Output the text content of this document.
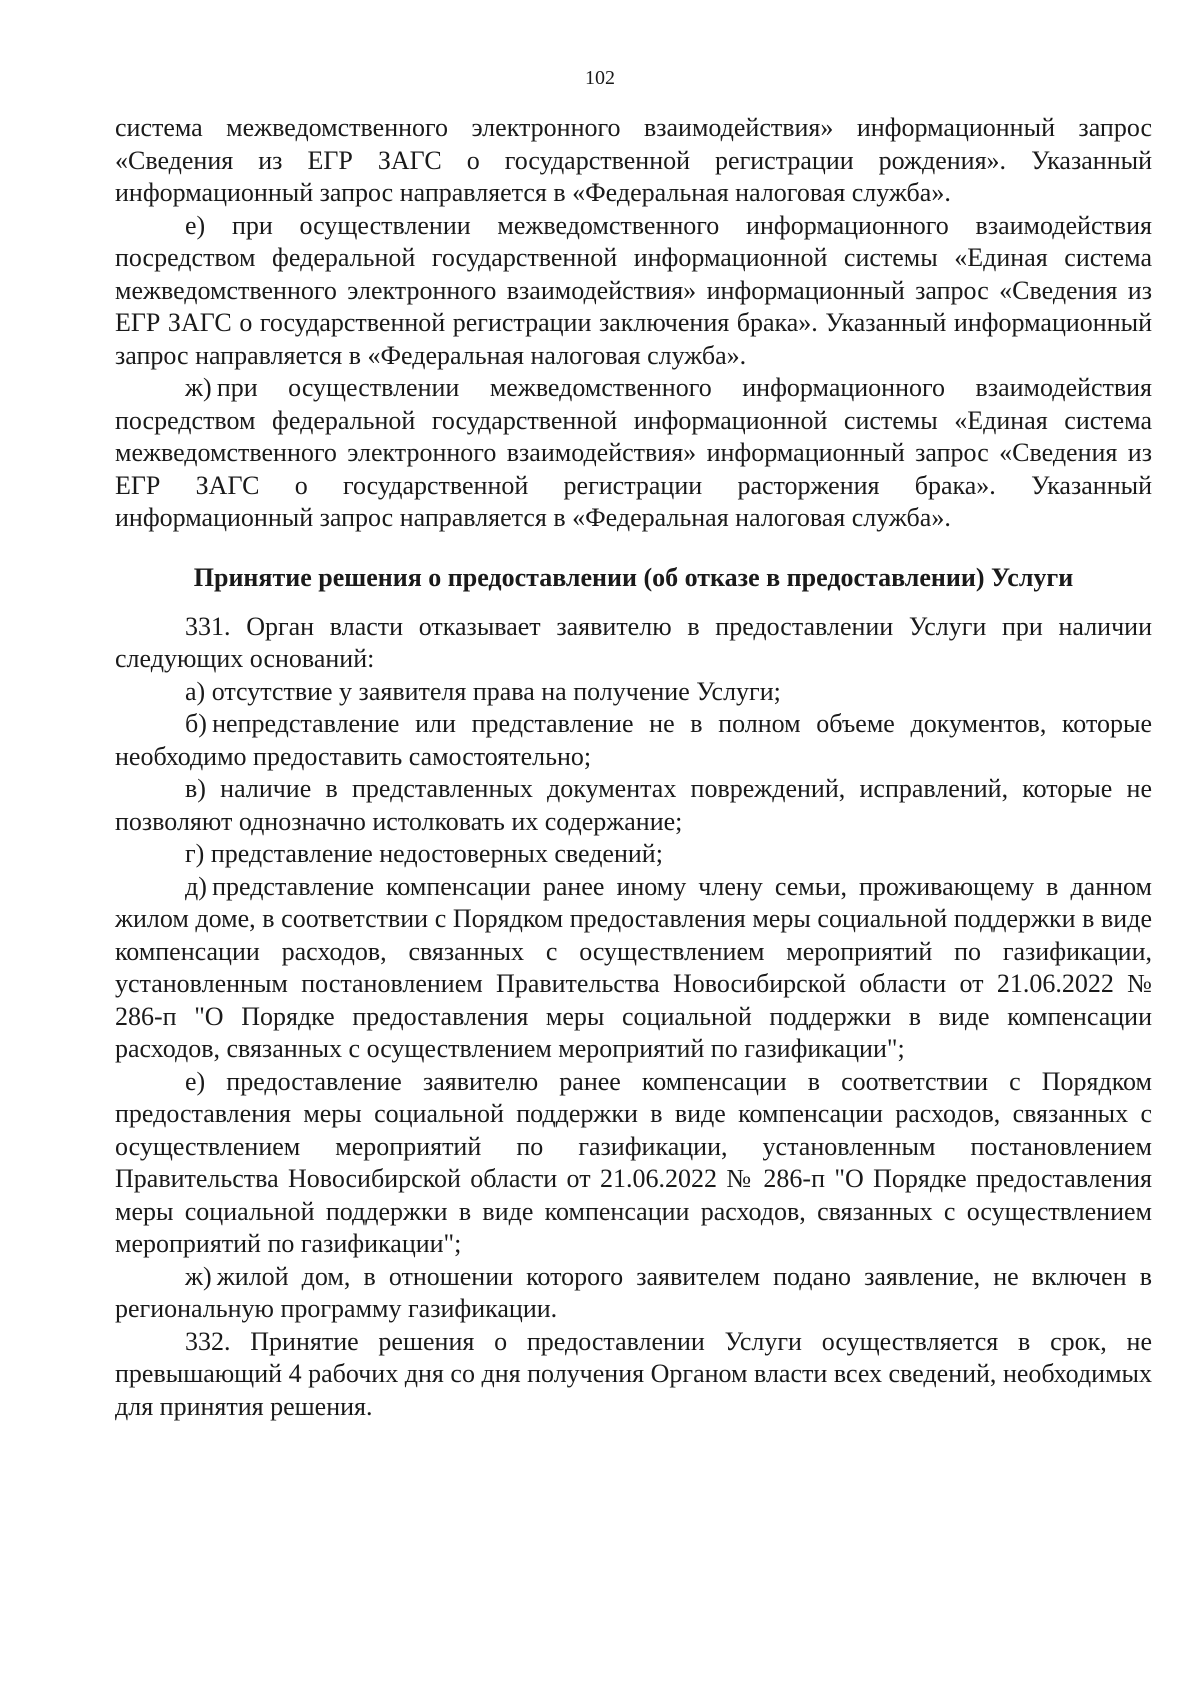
102

система межведомственного электронного взаимодействия» информационный запрос «Сведения из ЕГР ЗАГС о государственной регистрации рождения». Указанный информационный запрос направляется в «Федеральная налоговая служба».

е) при осуществлении межведомственного информационного взаимодействия посредством федеральной государственной информационной системы «Единая система межведомственного электронного взаимодействия» информационный запрос «Сведения из ЕГР ЗАГС о государственной регистрации заключения брака». Указанный информационный запрос направляется в «Федеральная налоговая служба».

ж) при осуществлении межведомственного информационного взаимодействия посредством федеральной государственной информационной системы «Единая система межведомственного электронного взаимодействия» информационный запрос «Сведения из ЕГР ЗАГС о государственной регистрации расторжения брака». Указанный информационный запрос направляется в «Федеральная налоговая служба».

Принятие решения о предоставлении (об отказе в предоставлении) Услуги

331. Орган власти отказывает заявителю в предоставлении Услуги при наличии следующих оснований:

а) отсутствие у заявителя права на получение Услуги;

б) непредставление или представление не в полном объеме документов, которые необходимо предоставить самостоятельно;

в) наличие в представленных документах повреждений, исправлений, которые не позволяют однозначно истолковать их содержание;

г) представление недостоверных сведений;

д) представление компенсации ранее иному члену семьи, проживающему в данном жилом доме, в соответствии с Порядком предоставления меры социальной поддержки в виде компенсации расходов, связанных с осуществлением мероприятий по газификации, установленным постановлением Правительства Новосибирской области от 21.06.2022 № 286-п "О Порядке предоставления меры социальной поддержки в виде компенсации расходов, связанных с осуществлением мероприятий по газификации";

е) предоставление заявителю ранее компенсации в соответствии с Порядком предоставления меры социальной поддержки в виде компенсации расходов, связанных с осуществлением мероприятий по газификации, установленным постановлением Правительства Новосибирской области от 21.06.2022 № 286-п "О Порядке предоставления меры социальной поддержки в виде компенсации расходов, связанных с осуществлением мероприятий по газификации";

ж) жилой дом, в отношении которого заявителем подано заявление, не включен в региональную программу газификации.

332. Принятие решения о предоставлении Услуги осуществляется в срок, не превышающий 4 рабочих дня со дня получения Органом власти всех сведений, необходимых для принятия решения.
